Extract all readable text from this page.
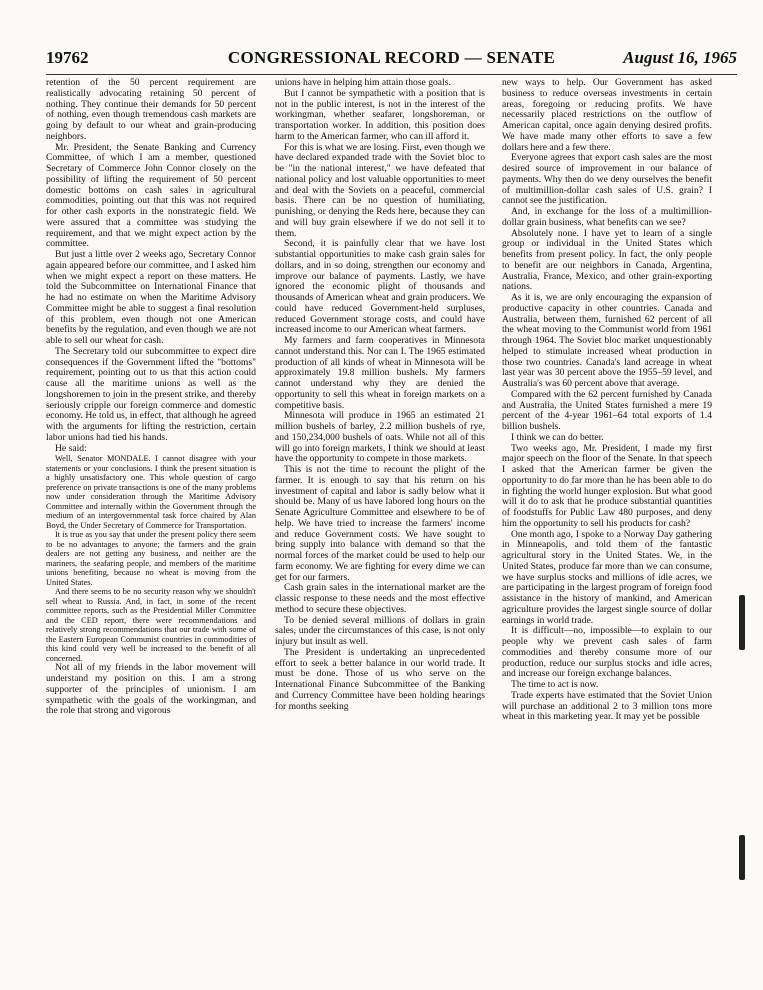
19762	CONGRESSIONAL RECORD — SENATE	August 16, 1965

retention of the 50 percent requirement are realistically advocating retaining 50 percent of nothing. They continue their demands for 50 percent of nothing, even though tremendous cash markets are going by default to our wheat and grain-producing neighbors.

Mr. President, the Senate Banking and Currency Committee, of which I am a member, questioned Secretary of Commerce John Connor closely on the possibility of lifting the requirement of 50 percent domestic bottoms on cash sales in agricultural commodities, pointing out that this was not required for other cash exports in the nonstrategic field. We were assured that a committee was studying the requirement, and that we might expect action by the committee.

But just a little over 2 weeks ago, Secretary Connor again appeared before our committee, and I asked him when we might expect a report on these matters. He told the Subcommittee on International Finance that he had no estimate on when the Maritime Advisory Committee might be able to suggest a final resolution of this problem, even though not one American benefits by the regulation, and even though we are not able to sell our wheat for cash.

The Secretary told our subcommittee to expect dire consequences if the Government lifted the "bottoms" requirement, pointing out to us that this action could cause all the maritime unions as well as the longshoremen to join in the present strike, and thereby seriously cripple our foreign commerce and domestic economy. He told us, in effect, that although he agreed with the arguments for lifting the restriction, certain labor unions had tied his hands.

He said:

Well, Senator MONDALE. I cannot disagree with your statements or your conclusions. I think the present situation is a highly unsatisfactory one. This whole question of cargo preference on private transactions is one of the many problems now under consideration through the Maritime Advisory Committee and internally within the Government through the medium of an intergovernmental task force chaired by Alan Boyd, the Under Secretary of Commerce for Transportation.

It is true as you say that under the present policy there seem to be no advantages to anyone; the farmers and the grain dealers are not getting any business, and neither are the mariners, the seafaring people, and members of the maritime unions benefiting, because no wheat is moving from the United States.

And there seems to be no security reason why we shouldn't sell wheat to Russia. And, in fact, in some of the recent committee reports, such as the Presidential Miller Committee and the CED report, there were recommendations and relatively strong recommendations that our trade with some of the Eastern European Communist countries in commodities of this kind could very well be increased to the benefit of all concerned.

Not all of my friends in the labor movement will understand my position on this. I am a strong supporter of the principles of unionism. I am sympathetic with the goals of the workingman, and the role that strong and vigorous

unions have in helping him attain those goals.

But I cannot be sympathetic with a position that is not in the public interest, is not in the interest of the workingman, whether seafarer, longshoreman, or transportation worker. In addition, this position does harm to the American farmer, who can ill afford it.

For this is what we are losing. First, even though we have declared expanded trade with the Soviet bloc to be "in the national interest," we have defeated that national policy and lost valuable opportunities to meet and deal with the Soviets on a peaceful, commercial basis. There can be no question of humiliating, punishing, or denying the Reds here, because they can and will buy grain elsewhere if we do not sell it to them.

Second, it is painfully clear that we have lost substantial opportunities to make cash grain sales for dollars, and in so doing, strengthen our economy and improve our balance of payments. Lastly, we have ignored the economic plight of thousands and thousands of American wheat and grain producers. We could have reduced Government-held surpluses, reduced Government storage costs, and could have increased income to our American wheat farmers.

My farmers and farm cooperatives in Minnesota cannot understand this. Nor can I. The 1965 estimated production of all kinds of wheat in Minnesota will be approximately 19.8 million bushels. My farmers cannot understand why they are denied the opportunity to sell this wheat in foreign markets on a competitive basis.

Minnesota will produce in 1965 an estimated 21 million bushels of barley, 2.2 million bushels of rye, and 150,234,000 bushels of oats. While not all of this will go into foreign markets, I think we should at least have the opportunity to compete in those markets.

This is not the time to recount the plight of the farmer. It is enough to say that his return on his investment of capital and labor is sadly below what it should be. Many of us have labored long hours on the Senate Agriculture Committee and elsewhere to be of help. We have tried to increase the farmers' income and reduce Government costs. We have sought to bring supply into balance with demand so that the normal forces of the market could be used to help our farm economy. We are fighting for every dime we can get for our farmers.

Cash grain sales in the international market are the classic response to these needs and the most effective method to secure these objectives.

To be denied several millions of dollars in grain sales, under the circumstances of this case, is not only injury but insult as well.

The President is undertaking an unprecedented effort to seek a better balance in our world trade. It must be done. Those of us who serve on the International Finance Subcommittee of the Banking and Currency Committee have been holding hearings for months seeking

new ways to help. Our Government has asked business to reduce overseas investments in certain areas, foregoing or reducing profits. We have necessarily placed restrictions on the outflow of American capital, once again denying desired profits. We have made many other efforts to save a few dollars here and a few there.

Everyone agrees that export cash sales are the most desired source of improvement in our balance of payments. Why then do we deny ourselves the benefit of multimillion-dollar cash sales of U.S. grain? I cannot see the justification.

And, in exchange for the loss of a multimillion-dollar grain business, what benefits can we see?

Absolutely none. I have yet to learn of a single group or individual in the United States which benefits from present policy. In fact, the only people to benefit are our neighbors in Canada, Argentina, Australia, France, Mexico, and other grain-exporting nations.

As it is, we are only encouraging the expansion of productive capacity in other countries. Canada and Australia, between them, furnished 62 percent of all the wheat moving to the Communist world from 1961 through 1964. The Soviet bloc market unquestionably helped to stimulate increased wheat production in those two countries. Canada's land acreage in wheat last year was 30 percent above the 1955–59 level, and Australia's was 60 percent above that average.

Compared with the 62 percent furnished by Canada and Australia, the United States furnished a mere 19 percent of the 4-year 1961–64 total exports of 1.4 billion bushels.

I think we can do better.

Two weeks ago, Mr. President, I made my first major speech on the floor of the Senate. In that speech I asked that the American farmer be given the opportunity to do far more than he has been able to do in fighting the world hunger explosion. But what good will it do to ask that he produce substantial quantities of foodstuffs for Public Law 480 purposes, and deny him the opportunity to sell his products for cash?

One month ago, I spoke to a Norway Day gathering in Minneapolis, and told them of the fantastic agricultural story in the United States. We, in the United States, produce far more than we can consume, we have surplus stocks and millions of idle acres, we are participating in the largest program of foreign food assistance in the history of mankind, and American agriculture provides the largest single source of dollar earnings in world trade.

It is difficult—no, impossible—to explain to our people why we prevent cash sales of farm commodities and thereby consume more of our production, reduce our surplus stocks and idle acres, and increase our foreign exchange balances.

The time to act is now.

Trade experts have estimated that the Soviet Union will purchase an additional 2 to 3 million tons more wheat in this marketing year. It may yet be possible
